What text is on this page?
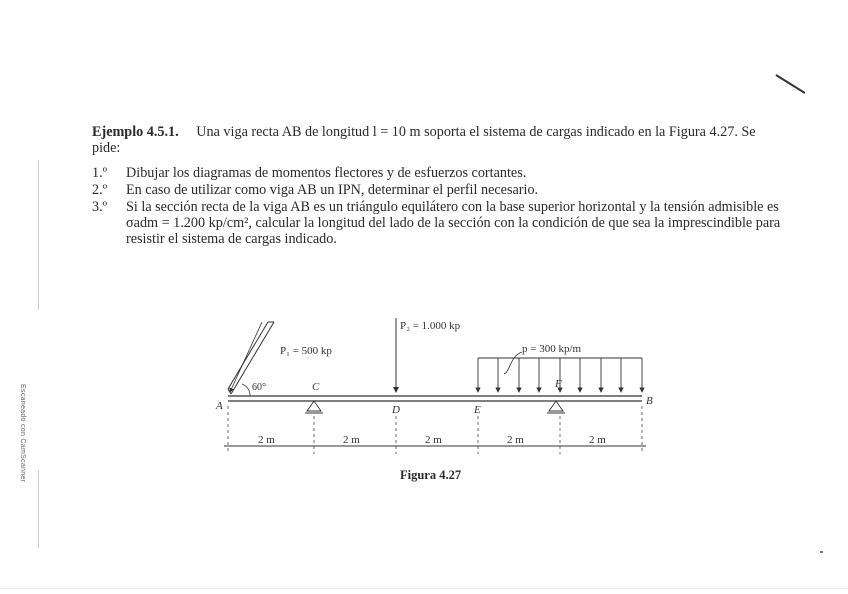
Escaneado con CamScanner

Ejemplo 4.5.1. Una viga recta AB de longitud l = 10 m soporta el sistema de cargas indicado en la Figura 4.27. Se pide:

1.º Dibujar los diagramas de momentos flectores y de esfuerzos cortantes.
2.º En caso de utilizar como viga AB un IPN, determinar el perfil necesario.
3.º Si la sección recta de la viga AB es un triángulo equilátero con la base superior horizontal y la tensión admisible es σadm = 1.200 kp/cm², calcular la longitud del lado de la sección con la condición de que sea la imprescindible para resistir el sistema de cargas indicado.
60°
P₁ = 500 kp
P₂ = 1.000 kp
p = 300 kp/m
A
C
D	E
F
B
2 m	2 m	2 m	2 m	2 m
Figura 4.27
